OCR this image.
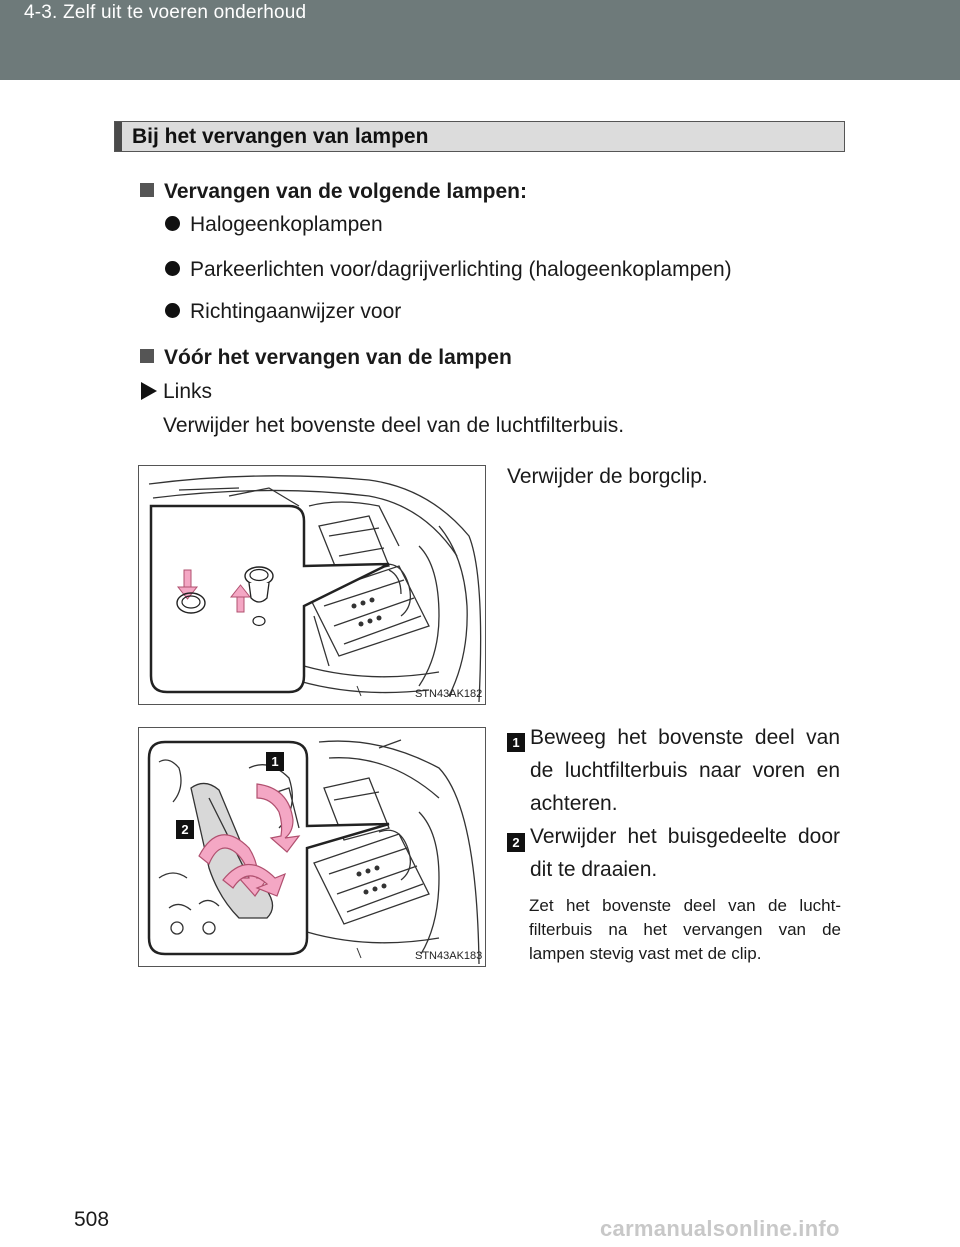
4-3. Zelf uit te voeren onderhoud
Bij het vervangen van lampen
Vervangen van de volgende lampen:
Halogeenkoplampen
Parkeerlichten voor/dagrijverlichting (halogeenkoplampen)
Richtingaanwijzer voor
Vóór het vervangen van de lampen
Links
Verwijder het bovenste deel van de luchtfilterbuis.
STN43AK182
Verwijder de borgclip.
1
2
STN43AK183
1 Beweeg het bovenste deel van de luchtfilterbuis naar voren en achteren.
2 Verwijder het buisgedeelte door dit te draaien.
Zet het bovenste deel van de lucht-filterbuis na het vervangen van de lampen stevig vast met de clip.
508	carmanualsonline.info
